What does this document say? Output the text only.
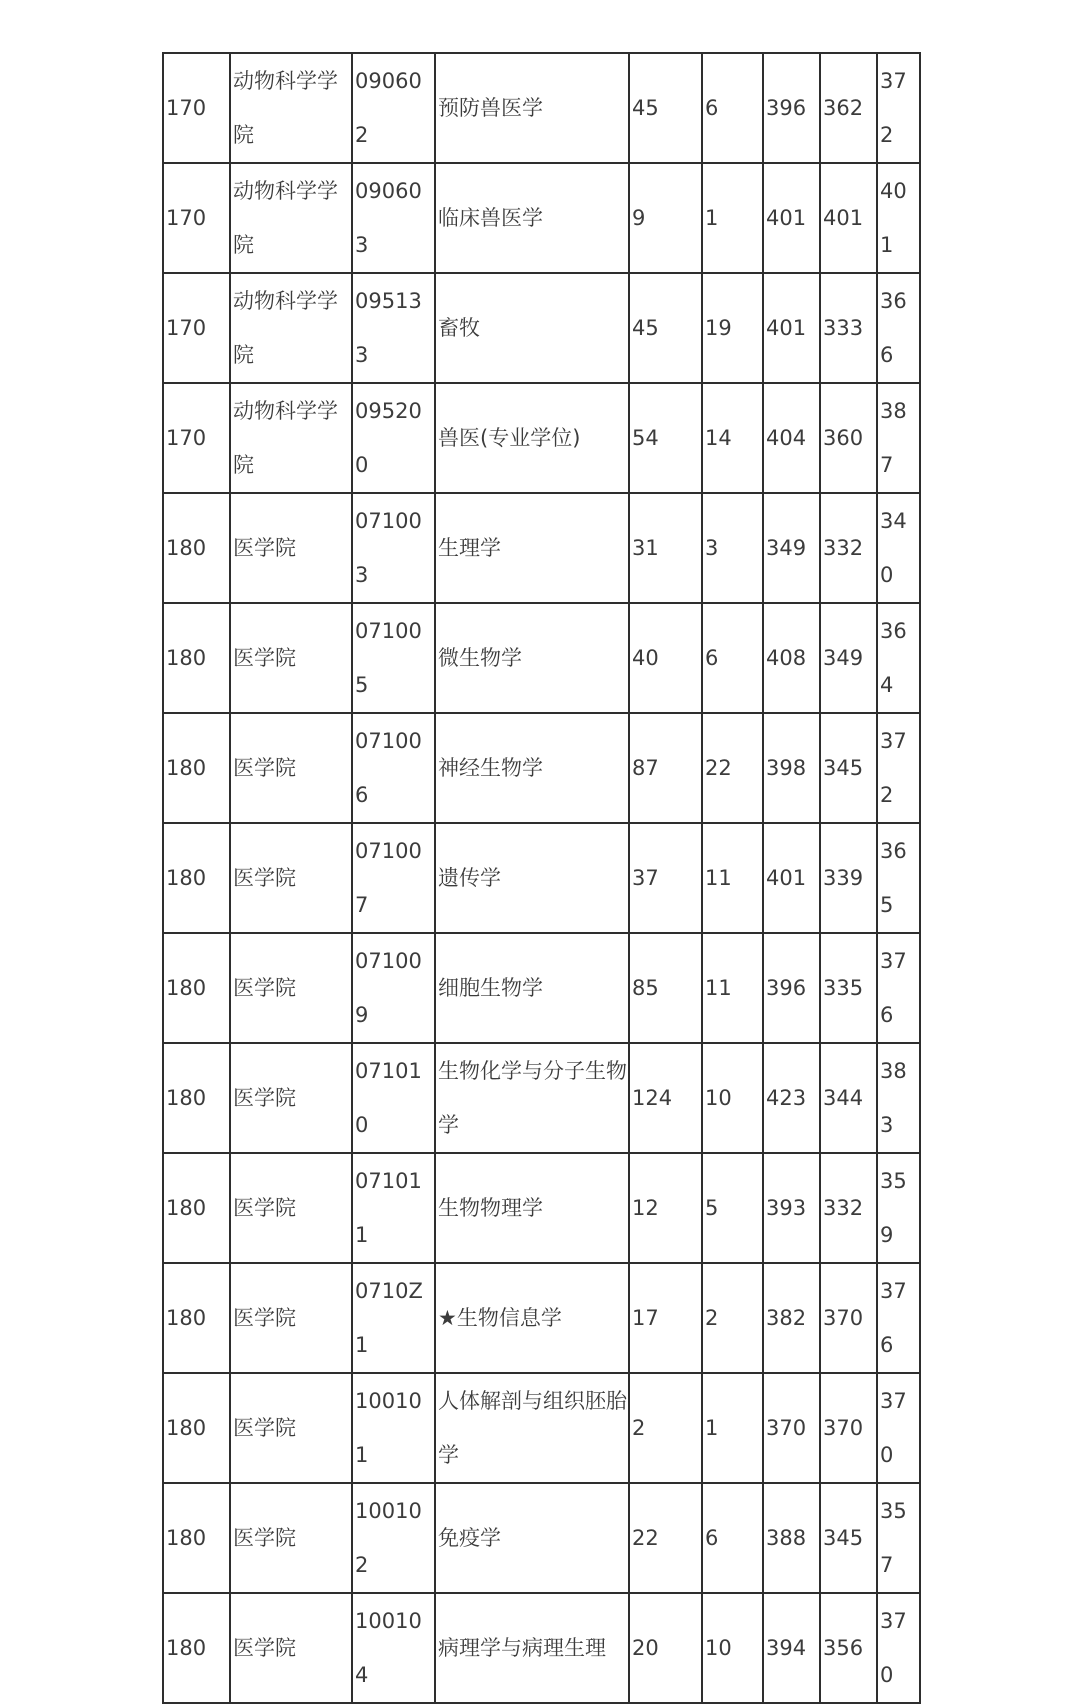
170	动物科学学院	090602	预防兽医学	45	6	396	362	372
170	动物科学学院	090603	临床兽医学	9	1	401	401	401
170	动物科学学院	095133	畜牧	45	19	401	333	366
170	动物科学学院	095200	兽医(专业学位)	54	14	404	360	387
180	医学院	071003	生理学	31	3	349	332	340
180	医学院	071005	微生物学	40	6	408	349	364
180	医学院	071006	神经生物学	87	22	398	345	372
180	医学院	071007	遗传学	37	11	401	339	365
180	医学院	071009	细胞生物学	85	11	396	335	376
180	医学院	071010	生物化学与分子生物学	124	10	423	344	383
180	医学院	071011	生物物理学	12	5	393	332	359
180	医学院	0710Z1	★生物信息学	17	2	382	370	376
180	医学院	100101	人体解剖与组织胚胎学	2	1	370	370	370
180	医学院	100102	免疫学	22	6	388	345	357
180	医学院	100104	病理学与病理生理	20	10	394	356	370
